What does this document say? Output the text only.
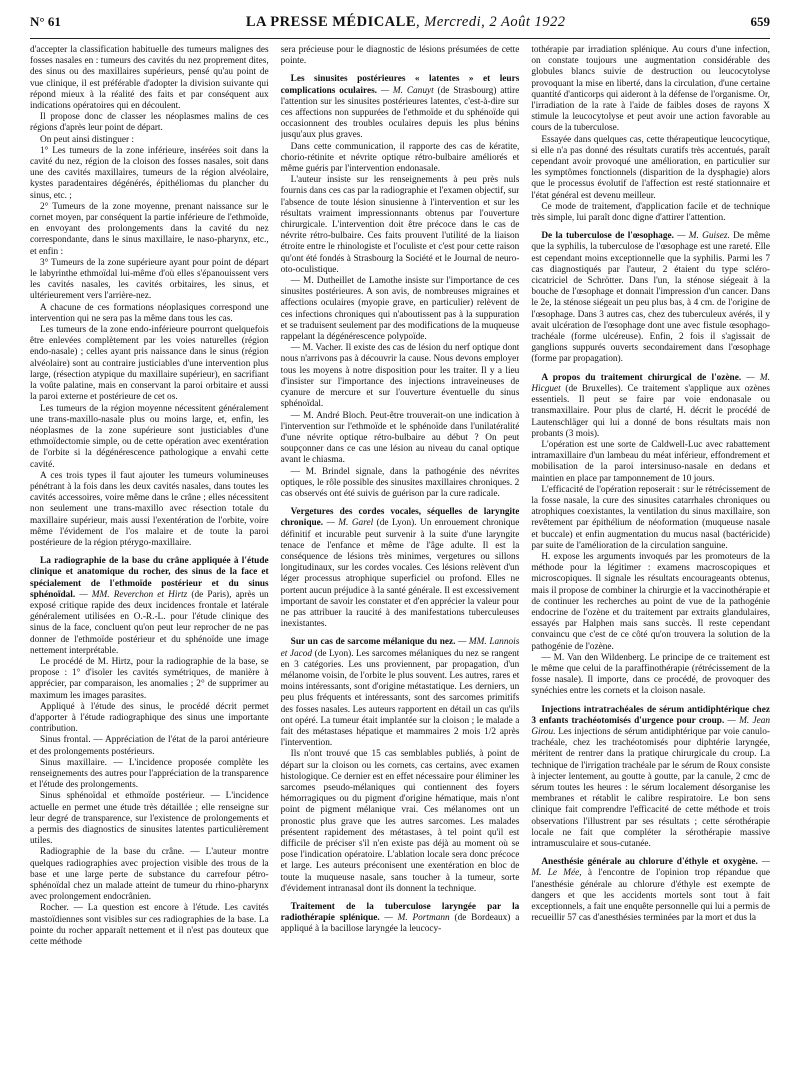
N° 61	LA PRESSE MÉDICALE, Mercredi, 2 Août 1922	659

d'accepter la classification habituelle des tumeurs malignes des fosses nasales en : tumeurs des cavités du nez proprement dites, des sinus ou des maxillaires supérieurs, pensé qu'au point de vue clinique, il est préférable d'adopter la division suivante qui répond mieux à la réalité des faits et par conséquent aux indications opératoires qui en découlent.

Il propose donc de classer les néoplasmes malins de ces régions d'après leur point de départ.

On peut ainsi distinguer :

1° Les tumeurs de la zone inférieure, insérées soit dans la cavité du nez, région de la cloison des fosses nasales, soit dans une des cavités maxillaires, tumeurs de la région alvéolaire, kystes paradentaires dégénérés, épithéliomas du plancher du sinus, etc. ;

2° Tumeurs de la zone moyenne, prenant naissance sur le cornet moyen, par conséquent la partie inférieure de l'ethmoïde, en envoyant des prolongements dans la cavité du nez correspondante, dans le sinus maxillaire, le naso-pharynx, etc., et enfin :

3° Tumeurs de la zone supérieure ayant pour point de départ le labyrinthe ethmoïdal lui-même d'où elles s'épanouissent vers les cavités nasales, les cavités orbitaires, les sinus, et ultérieurement vers l'arrière-nez.

A chacune de ces formations néoplasiques correspond une intervention qui ne sera pas la même dans tous les cas.

Les tumeurs de la zone endo-inférieure pourront quelquefois être enlevées complètement par les voies naturelles (région endo-nasale) ; celles ayant pris naissance dans le sinus (région alvéolaire) sont au contraire justiciables d'une intervention plus large, (résection atypique du maxillaire supérieur), en sacrifiant la voûte palatine, mais en conservant la paroi orbitaire et aussi la paroi externe et postérieure de cet os.

Les tumeurs de la région moyenne nécessitent généralement une trans-maxillo-nasale plus ou moins large, et, enfin, les néoplasmes de la zone supérieure sont justiciables d'une ethmoïdectomie simple, ou de cette opération avec exentération de l'orbite si la dégénérescence pathologique a envahi cette cavité.

A ces trois types il faut ajouter les tumeurs volumineuses pénétrant à la fois dans les deux cavités nasales, dans toutes les cavités accessoires, voire même dans le crâne ; elles nécessitent non seulement une trans-maxillo avec résection totale du maxillaire supérieur, mais aussi l'exentération de l'orbite, voire même l'évidement de l'os malaire et de toute la paroi postérieure de la région ptérygo-maxillaire.

La radiographie de la base du crâne appliquée à l'étude clinique et anatomique du rocher, des sinus de la face et spécialement de l'ethmoïde postérieur et du sinus sphénoïdal. — MM. Reverchon et Hirtz (de Paris), après un exposé critique rapide des deux incidences frontale et latérale généralement utilisées en O.-R.-L. pour l'étude clinique des sinus de la face, concluent qu'on peut leur reprocher de ne pas donner de l'ethmoïde postérieur et du sphénoïde une image nettement interprétable.

Le procédé de M. Hirtz, pour la radiographie de la base, se propose : 1° d'isoler les cavités symétriques, de manière à apprécier, par comparaison, les anomalies ; 2° de supprimer au maximum les images parasites.

Appliqué à l'étude des sinus, le procédé décrit permet d'apporter à l'étude radiographique des sinus une importante contribution.

Sinus frontal. — Appréciation de l'état de la paroi antérieure et des prolongements postérieurs.

Sinus maxillaire. — L'incidence proposée complète les renseignements des autres pour l'appréciation de la transparence et l'étude des prolongements.

Sinus sphénoïdal et ethmoïde postérieur. — L'incidence actuelle en permet une étude très détaillée ; elle renseigne sur leur degré de transparence, sur l'existence de prolongements et a permis des diagnostics de sinusites latentes particulièrement utiles.

Radiographie de la base du crâne. — L'auteur montre quelques radiographies avec projection visible des trous de la base et une large perte de substance du carrefour pétro-sphénoïdal chez un malade atteint de tumeur du rhino-pharynx avec prolongement endocrânien.

Rocher. — La question est encore à l'étude. Les cavités mastoïdiennes sont visibles sur ces radiographies de la base. La pointe du rocher apparaît nettement et il n'est pas douteux que cette méthode

sera précieuse pour le diagnostic de lésions présumées de cette pointe.

Les sinusites postérieures « latentes » et leurs complications oculaires. — M. Canuyt (de Strasbourg) attire l'attention sur les sinusites postérieures latentes, c'est-à-dire sur ces affections non suppurées de l'ethmoïde et du sphénoïde qui occasionnent des troubles oculaires depuis les plus bénins jusqu'aux plus graves.

Dans cette communication, il rapporte des cas de kératite, chorio-rétinite et névrite optique rétro-bulbaire améliorés et même guéris par l'intervention endonasale.

L'auteur insiste sur les renseignements à peu près nuls fournis dans ces cas par la radiographie et l'examen objectif, sur l'absence de toute lésion sinusienne à l'intervention et sur les résultats vraiment impressionnants obtenus par l'ouverture chirurgicale. L'intervention doit être précoce dans le cas de névrite rétro-bulbaire. Ces faits prouvent l'utilité de la liaison étroite entre le rhinologiste et l'oculiste et c'est pour cette raison qu'ont été fondés à Strasbourg la Société et le Journal de neuro-oto-oculistique.

— M. Dutheillet de Lamothe insiste sur l'importance de ces sinusites postérieures. A son avis, de nombreuses migraines et affections oculaires (myopie grave, en particulier) relèvent de ces infections chroniques qui n'aboutissent pas à la suppuration et se traduisent seulement par des modifications de la muqueuse rappelant la dégénérescence polypoïde.

— M. Vacher. Il existe des cas de lésion du nerf optique dont nous n'arrivons pas à découvrir la cause. Nous devons employer tous les moyens à notre disposition pour les traiter. Il y a lieu d'insister sur l'importance des injections intraveineuses de cyanure de mercure et sur l'ouverture éventuelle du sinus sphénoïdal.

— M. André Bloch. Peut-être trouverait-on une indication à l'intervention sur l'ethmoïde et le sphénoïde dans l'unilatéralité d'une névrite optique rétro-bulbaire au début ? On peut soupçonner dans ce cas une lésion au niveau du canal optique avant le chiasma.

— M. Brindel signale, dans la pathogénie des névrites optiques, le rôle possible des sinusites maxillaires chroniques. 2 cas observés ont été suivis de guérison par la cure radicale.

Vergetures des cordes vocales, séquelles de laryngite chronique. — M. Garel (de Lyon). Un enrouement chronique définitif et incurable peut survenir à la suite d'une laryngite tenace de l'enfance et même de l'âge adulte. Il est la conséquence de lésions très minimes, vergetures ou sillons longitudinaux, sur les cordes vocales. Ces lésions relèvent d'un léger processus atrophique superficiel ou profond. Elles ne portent aucun préjudice à la santé générale. Il est excessivement important de savoir les constater et d'en apprécier la valeur pour ne pas attribuer la raucité à des manifestations tuberculeuses inexistantes.

Sur un cas de sarcome mélanique du nez. — MM. Lannois et Jacod (de Lyon). Les sarcomes mélaniques du nez se rangent en 3 catégories. Les uns proviennent, par propagation, d'un mélanome voisin, de l'orbite le plus souvent. Les autres, rares et moins intéressants, sont d'origine métastatique. Les derniers, un peu plus fréquents et intéressants, sont des sarcomes primitifs des fosses nasales. Les auteurs rapportent en détail un cas qu'ils ont opéré. La tumeur était implantée sur la cloison ; le malade a fait des métastases hépatique et mammaires 2 mois 1/2 après l'intervention.

Ils n'ont trouvé que 15 cas semblables publiés, à point de départ sur la cloison ou les cornets, cas certains, avec examen histologique. Ce dernier est en effet nécessaire pour éliminer les sarcomes pseudo-mélaniques qui contiennent des foyers hémorragiques ou du pigment d'origine hématique, mais n'ont point de pigment mélanique vrai. Ces mélanomes ont un pronostic plus grave que les autres sarcomes. Les malades présentent rapidement des métastases, à tel point qu'il est difficile de préciser s'il n'en existe pas déjà au moment où se pose l'indication opératoire. L'ablation locale sera donc précoce et large. Les auteurs préconisent une exentération en bloc de toute la muqueuse nasale, sans toucher à la tumeur, sorte d'évidement intranasal dont ils donnent la technique.

Traitement de la tuberculose laryngée par la radiothérapie splénique. — M. Portmann (de Bordeaux) a appliqué à la bacillose laryngée la leucocy-

tothérapie par irradiation splénique. Au cours d'une infection, on constate toujours une augmentation considérable des globules blancs suivie de destruction ou leucocytolyse provoquant la mise en liberté, dans la circulation, d'une certaine quantité d'anticorps qui aideront à la défense de l'organisme. Or, l'irradiation de la rate à l'aide de faibles doses de rayons X stimule la leucocytolyse et peut avoir une action favorable au cours de la tuberculose.

Essayée dans quelques cas, cette thérapeutique leucocytique, si elle n'a pas donné des résultats curatifs très accentués, paraît cependant avoir provoqué une amélioration, en particulier sur les symptômes fonctionnels (disparition de la dysphagie) alors que le processus évolutif de l'affection est resté stationnaire et l'état général est devenu meilleur.

Ce mode de traitement, d'application facile et de technique très simple, lui paraît donc digne d'attirer l'attention.

De la tuberculose de l'œsophage. — M. Guisez. De même que la syphilis, la tuberculose de l'œsophage est une rareté. Elle est cependant moins exceptionnelle que la syphilis. Parmi les 7 cas diagnostiqués par l'auteur, 2 étaient du type scléro-cicatriciel de Schrötter. Dans l'un, la sténose siégeait à la bouche de l'œsophage et donnait l'impression d'un cancer. Dans le 2e, la sténose siégeait un peu plus bas, à 4 cm. de l'origine de l'œsophage. Dans 3 autres cas, chez des tuberculeux avérés, il y avait ulcération de l'œsophage dont une avec fistule œsophago-trachéale (forme ulcéreuse). Enfin, 2 fois il s'agissait de ganglions suppurés ouverts secondairement dans l'œsophage (forme par propagation).

A propos du traitement chirurgical de l'ozène. — M. Hicguet (de Bruxelles). Ce traitement s'applique aux ozènes essentiels. Il peut se faire par voie endonasale ou transmaxillaire. Pour plus de clarté, H. décrit le procédé de Lautenschläger qui lui a donné de bons résultats mais non probants (3 mois).

L'opération est une sorte de Caldwell-Luc avec rabattement intramaxillaire d'un lambeau du méat inférieur, effondrement et mobilisation de la paroi intersinuso-nasale en dedans et maintien en place par tamponnement de 10 jours.

L'efficacité de l'opération reposerait : sur le rétrécissement de la fosse nasale, la cure des sinusites catarrhales chroniques ou atrophiques coexistantes, la ventilation du sinus maxillaire, son revêtement par épithélium de néoformation (muqueuse nasale et buccale) et enfin augmentation du mucus nasal (bactéricide) par suite de l'amélioration de la circulation sanguine.

H. expose les arguments invoqués par les promoteurs de la méthode pour la légitimer : examens macroscopiques et microscopiques. Il signale les résultats encourageants obtenus, mais il propose de combiner la chirurgie et la vaccinothérapie et de continuer les recherches au point de vue de la pathogénie endocrine de l'ozène et du traitement par extraits glandulaires, essayés par Halphen mais sans succès. Il reste cependant convaincu que c'est de ce côté qu'on trouvera la solution de la pathogénie de l'ozène.

— M. Van den Wildenberg. Le principe de ce traitement est le même que celui de la paraffinothérapie (rétrécissement de la fosse nasale). Il importe, dans ce procédé, de provoquer des synéchies entre les cornets et la cloison nasale.

Injections intratrachéales de sérum antidiphtérique chez 3 enfants trachéotomisés d'urgence pour croup. — M. Jean Girou. Les injections de sérum antidiphtérique par voie canulo-trachéale, chez les trachéotomisés pour diphtérie laryngée, méritent de rentrer dans la pratique chirurgicale du croup. La technique de l'irrigation trachéale par le sérum de Roux consiste à injecter lentement, au goutte à goutte, par la canule, 2 cmc de sérum toutes les heures : le sérum localement désorganise les membranes et rétablit le calibre respiratoire. Le bon sens clinique fait comprendre l'efficacité de cette méthode et trois observations l'illustrent par ses résultats ; cette sérothérapie locale ne fait que compléter la sérothérapie massive intramusculaire et sous-cutanée.

Anesthésie générale au chlorure d'éthyle et oxygène. — M. Le Mée, à l'encontre de l'opinion trop répandue que l'anesthésie générale au chlorure d'éthyle est exempte de dangers et que les accidents mortels sont tout à fait exceptionnels, a fait une enquête personnelle qui lui a permis de recueillir 57 cas d'anesthésies terminées par la mort et dus la
